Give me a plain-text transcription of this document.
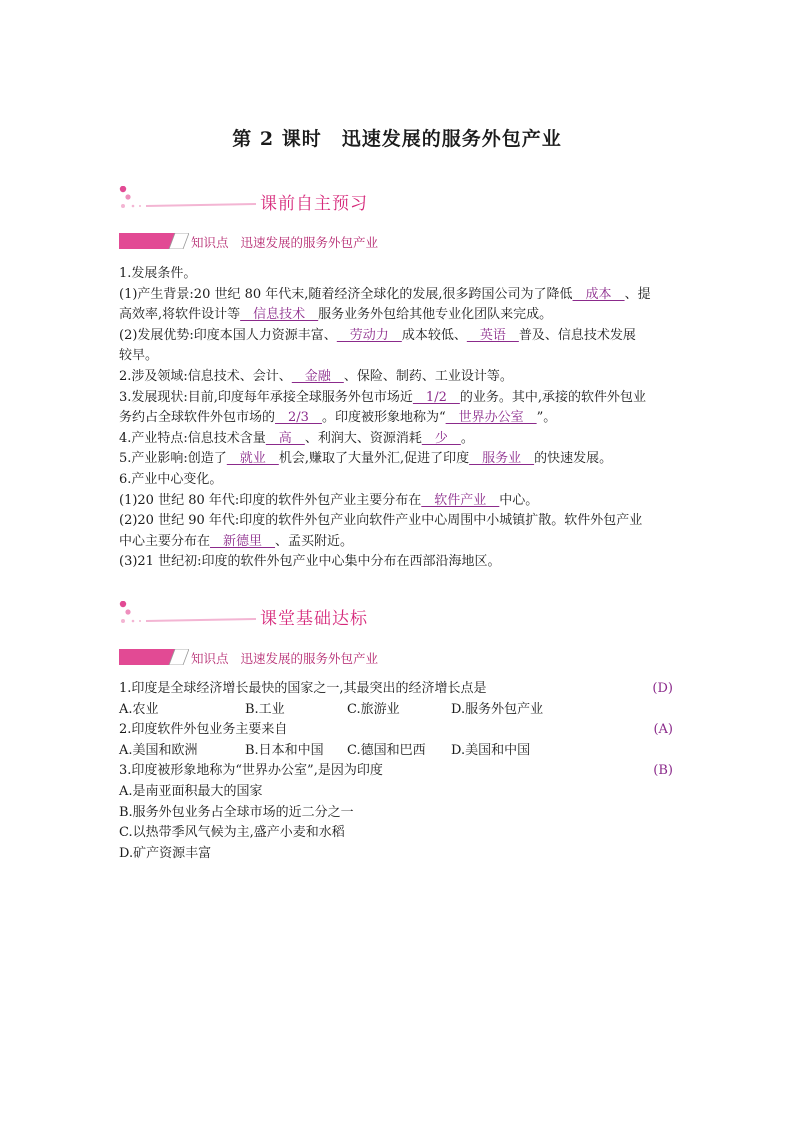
第 2 课时　迅速发展的服务外包产业
课前自主预习
知识点 迅速发展的服务外包产业

1.发展条件。

(1)产生背景:20 世纪 80 年代末,随着经济全球化的发展,很多跨国公司为了降低　成本　、提

高效率,将软件设计等　信息技术　服务业务外包给其他专业化团队来完成。

(2)发展优势:印度本国人力资源丰富、　劳动力　成本较低、　英语　普及、信息技术发展

较早。

2.涉及领域:信息技术、会计、　金融　、保险、制药、工业设计等。

3.发展现状:目前,印度每年承接全球服务外包市场近　1/2　的业务。其中,承接的软件外包业

务约占全球软件外包市场的　2/3　。印度被形象地称为“　世界办公室　”。

4.产业特点:信息技术含量　高　、利润大、资源消耗　少　。

5.产业影响:创造了　就业　机会,赚取了大量外汇,促进了印度　服务业　的快速发展。

6.产业中心变化。

(1)20 世纪 80 年代:印度的软件外包产业主要分布在　软件产业　中心。

(2)20 世纪 90 年代:印度的软件外包产业向软件产业中心周围中小城镇扩散。软件外包产业

中心主要分布在　新德里　、孟买附近。

(3)21 世纪初:印度的软件外包产业中心集中分布在西部沿海地区。

课堂基础达标
知识点 迅速发展的服务外包产业

1.印度是全球经济增长最快的国家之一,其最突出的经济增长点是	(D)

A.农业	B.工业	C.旅游业	D.服务外包产业

2.印度软件外包业务主要来自	(A)

A.美国和欧洲	B.日本和中国	C.德国和巴西	D.美国和中国

3.印度被形象地称为“世界办公室”,是因为印度	(B)

A.是南亚面积最大的国家

B.服务外包业务占全球市场的近二分之一

C.以热带季风气候为主,盛产小麦和水稻

D.矿产资源丰富
